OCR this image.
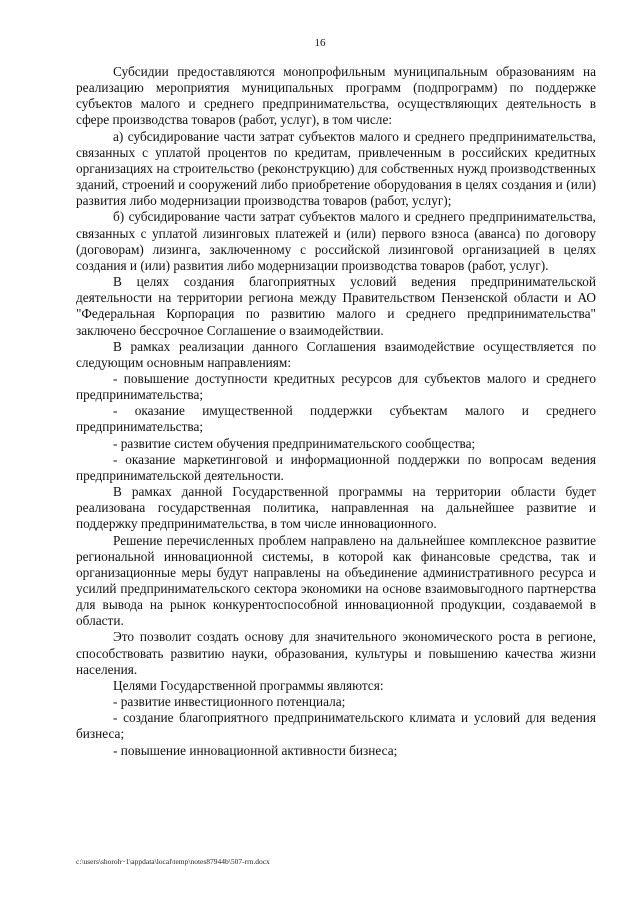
16

Субсидии предоставляются монопрофильным муниципальным образованиям на реализацию мероприятия муниципальных программ (подпрограмм) по поддержке субъектов малого и среднего предпринимательства, осуществляющих деятельность в сфере производства товаров (работ, услуг), в том числе:

а) субсидирование части затрат субъектов малого и среднего предпринимательства, связанных с уплатой процентов по кредитам, привлеченным в российских кредитных организациях на строительство (реконструкцию) для собственных нужд производственных зданий, строений и сооружений либо приобретение оборудования в целях создания и (или) развития либо модернизации производства товаров (работ, услуг);

б) субсидирование части затрат субъектов малого и среднего предпринимательства, связанных с уплатой лизинговых платежей и (или) первого взноса (аванса) по договору (договорам) лизинга, заключенному с российской лизинговой организацией в целях создания и (или) развития либо модернизации производства товаров (работ, услуг).

В целях создания благоприятных условий ведения предпринимательской деятельности на территории региона между Правительством Пензенской области и АО "Федеральная Корпорация по развитию малого и среднего предпринимательства" заключено бессрочное Соглашение о взаимодействии.

В рамках реализации данного Соглашения взаимодействие осуществляется по следующим основным направлениям:

- повышение доступности кредитных ресурсов для субъектов малого и среднего предпринимательства;

- оказание имущественной поддержки субъектам малого и среднего предпринимательства;

- развитие систем обучения предпринимательского сообщества;

- оказание маркетинговой и информационной поддержки по вопросам ведения предпринимательской деятельности.

В рамках данной Государственной программы на территории области будет реализована государственная политика, направленная на дальнейшее развитие и поддержку предпринимательства, в том числе инновационного.

Решение перечисленных проблем направлено на дальнейшее комплексное развитие региональной инновационной системы, в которой как финансовые средства, так и организационные меры будут направлены на объединение административного ресурса и усилий предпринимательского сектора экономики на основе взаимовыгодного партнерства для вывода на рынок конкурентоспособной инновационной продукции, создаваемой в области.

Это позволит создать основу для значительного экономического роста в регионе, способствовать развитию науки, образования, культуры и повышению качества жизни населения.

Целями Государственной программы являются:

- развитие инвестиционного потенциала;

- создание благоприятного предпринимательского климата и условий для ведения бизнеса;

- повышение инновационной активности бизнеса;

c:\users\shoroh~1\appdata\local\temp\notes87944b\507-rrn.docx
